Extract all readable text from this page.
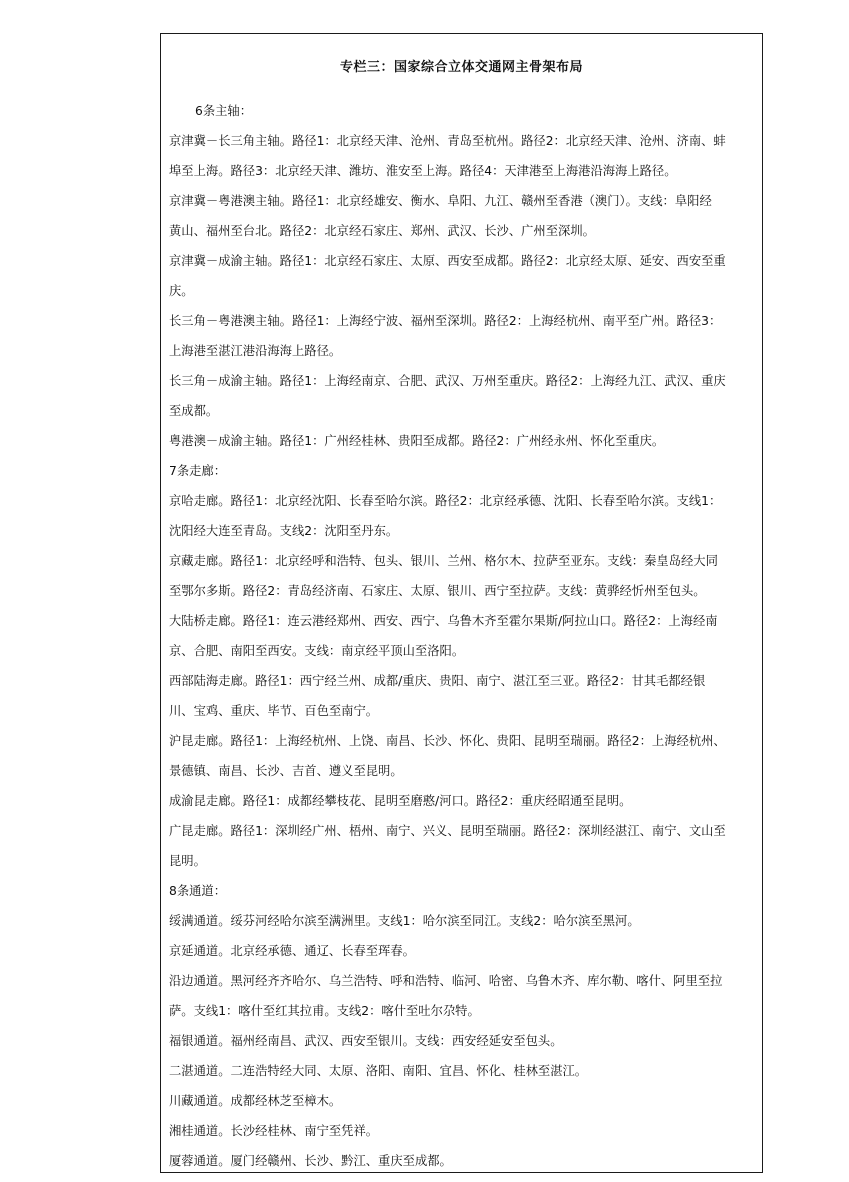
专栏三：国家综合立体交通网主骨架布局
6条主轴：
京津冀－长三角主轴。路径1：北京经天津、沧州、青岛至杭州。路径2：北京经天津、沧州、济南、蚌
埠至上海。路径3：北京经天津、潍坊、淮安至上海。路径4：天津港至上海港沿海海上路径。
京津冀－粤港澳主轴。路径1：北京经雄安、衡水、阜阳、九江、赣州至香港（澳门）。支线：阜阳经
黄山、福州至台北。路径2：北京经石家庄、郑州、武汉、长沙、广州至深圳。
京津冀－成渝主轴。路径1：北京经石家庄、太原、西安至成都。路径2：北京经太原、延安、西安至重
庆。
长三角－粤港澳主轴。路径1：上海经宁波、福州至深圳。路径2：上海经杭州、南平至广州。路径3：
上海港至湛江港沿海海上路径。
长三角－成渝主轴。路径1：上海经南京、合肥、武汉、万州至重庆。路径2：上海经九江、武汉、重庆
至成都。
粤港澳－成渝主轴。路径1：广州经桂林、贵阳至成都。路径2：广州经永州、怀化至重庆。
7条走廊：
京哈走廊。路径1：北京经沈阳、长春至哈尔滨。路径2：北京经承德、沈阳、长春至哈尔滨。支线1：
沈阳经大连至青岛。支线2：沈阳至丹东。
京藏走廊。路径1：北京经呼和浩特、包头、银川、兰州、格尔木、拉萨至亚东。支线：秦皇岛经大同
至鄂尔多斯。路径2：青岛经济南、石家庄、太原、银川、西宁至拉萨。支线：黄骅经忻州至包头。
大陆桥走廊。路径1：连云港经郑州、西安、西宁、乌鲁木齐至霍尔果斯/阿拉山口。路径2：上海经南
京、合肥、南阳至西安。支线：南京经平顶山至洛阳。
西部陆海走廊。路径1：西宁经兰州、成都/重庆、贵阳、南宁、湛江至三亚。路径2：甘其毛都经银
川、宝鸡、重庆、毕节、百色至南宁。
沪昆走廊。路径1：上海经杭州、上饶、南昌、长沙、怀化、贵阳、昆明至瑞丽。路径2：上海经杭州、
景德镇、南昌、长沙、吉首、遵义至昆明。
成渝昆走廊。路径1：成都经攀枝花、昆明至磨憨/河口。路径2：重庆经昭通至昆明。
广昆走廊。路径1：深圳经广州、梧州、南宁、兴义、昆明至瑞丽。路径2：深圳经湛江、南宁、文山至
昆明。
8条通道：
绥满通道。绥芬河经哈尔滨至满洲里。支线1：哈尔滨至同江。支线2：哈尔滨至黑河。
京延通道。北京经承德、通辽、长春至珲春。
沿边通道。黑河经齐齐哈尔、乌兰浩特、呼和浩特、临河、哈密、乌鲁木齐、库尔勒、喀什、阿里至拉
萨。支线1：喀什至红其拉甫。支线2：喀什至吐尔尕特。
福银通道。福州经南昌、武汉、西安至银川。支线：西安经延安至包头。
二湛通道。二连浩特经大同、太原、洛阳、南阳、宜昌、怀化、桂林至湛江。
川藏通道。成都经林芝至樟木。
湘桂通道。长沙经桂林、南宁至凭祥。
厦蓉通道。厦门经赣州、长沙、黔江、重庆至成都。
